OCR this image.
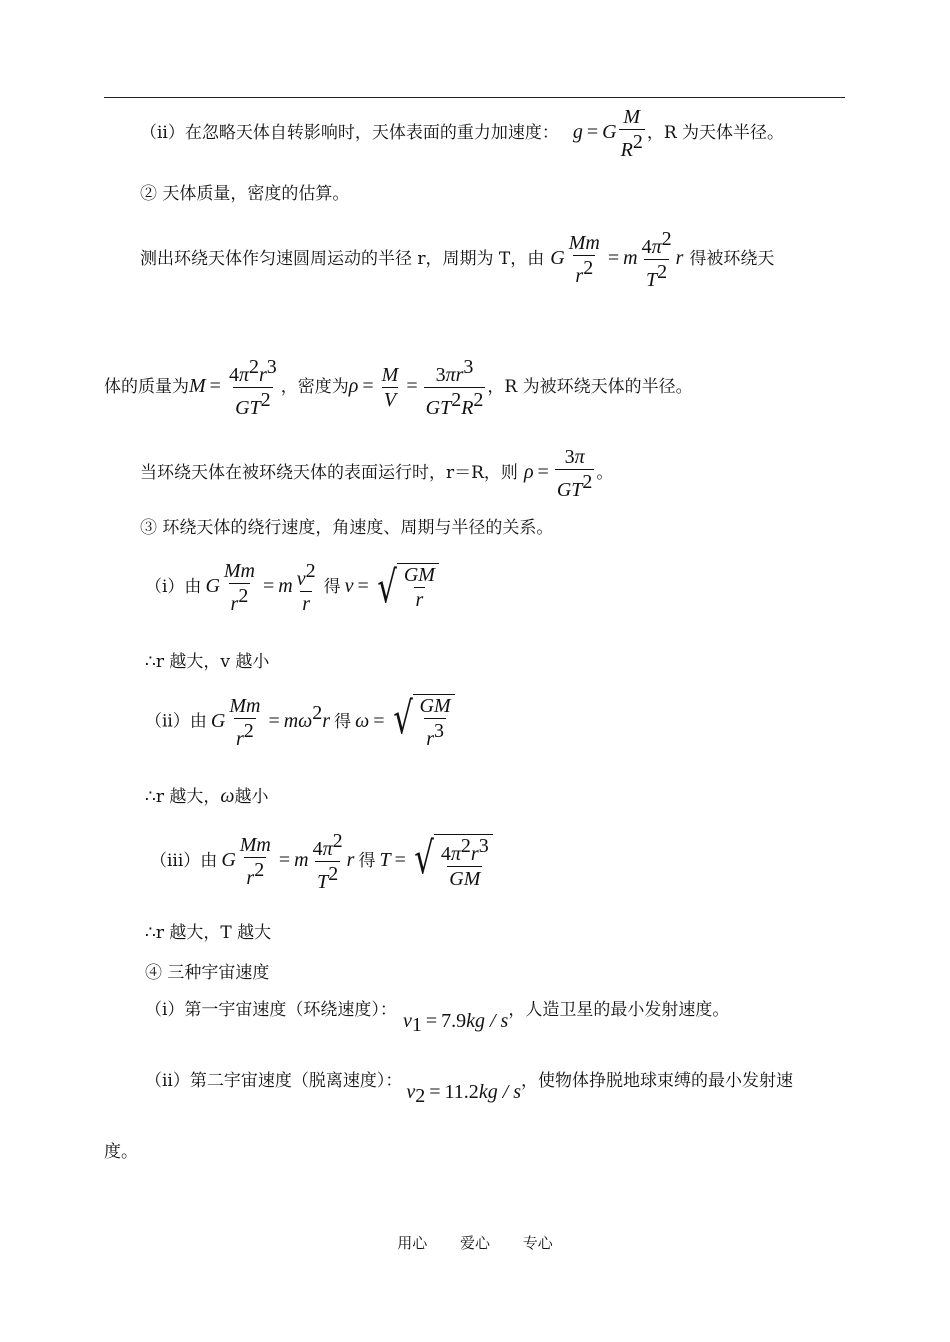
（ii）在忽略天体自转影响时，天体表面的重力加速度： g = G $\frac{M}{R^2}$ ，R 为天体半径。
② 天体质量，密度的估算。
测出环绕天体作匀速圆周运动的半径 r，周期为 T，由 G $\frac{Mm}{r^2} = m \frac{4\pi^2}{T^2}$ r 得被环绕天
体的质量为$M = \frac{4\pi^2r^3}{GT^2}$ ，密度为$\rho = \frac{M}{V} = \frac{3\pi r^3}{GT^2R^2}$ ，R 为被环绕天体的半径。
当环绕天体在被环绕天体的表面运行时，r＝R，则 $\rho = \frac{3\pi}{GT^2}$ 。
③ 环绕天体的绕行速度，角速度、周期与半径的关系。
（i）由 G $\frac{Mm}{r^2} = m \frac{v^2}{r}$ 得 v = √ $\frac{GM}{r}$
∴r 越大，v 越小
（ii）由 G $\frac{Mm}{r^2} = m\omega^2r$ 得 ω = √ $\frac{GM}{r^3}$
∴r 越大，ω越小
（iii）由 G $\frac{Mm}{r^2} = m \frac{4\pi^2}{T^2}$ r 得 T = √ $\frac{4\pi^2r^3}{GM}$
∴r 越大，T 越大
④ 三种宇宙速度
（i）第一宇宙速度（环绕速度）： $v_1 = 7.9kg / s$，人造卫星的最小发射速度。
（ii）第二宇宙速度（脱离速度）： $v_2 = 11.2kg / s$，使物体挣脱地球束缚的最小发射速
度。
用心 爱心 专心
